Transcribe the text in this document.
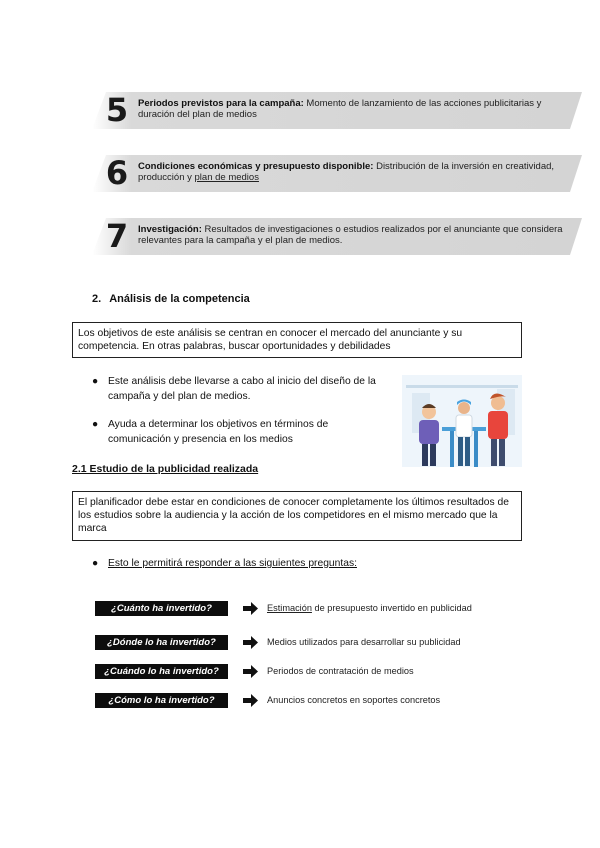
5	Periodos previstos para la campaña: Momento de lanzamiento de las acciones publicitarias y duración del plan de medios
6	Condiciones económicas y presupuesto disponible: Distribución de la inversión en creatividad, producción y plan de medios
7	Investigación: Resultados de investigaciones o estudios realizados por el anunciante que considera relevantes para la campaña y el plan de medios.
2. Análisis de la competencia
Los objetivos de este análisis se centran en conocer el mercado del anunciante y su competencia. En otras palabras, buscar oportunidades y debilidades
● Este análisis debe llevarse a cabo al inicio del diseño de la campaña y del plan de medios.
● Ayuda a determinar los objetivos en términos de comunicación y presencia en los medios
2.1 Estudio de la publicidad realizada
El planificador debe estar en condiciones de conocer completamente los últimos resultados de los estudios sobre la audiencia y la acción de los competidores en el mismo mercado que la marca
● Esto le permitirá responder a las siguientes preguntas:
¿Cuánto ha invertido?	Estimación de presupuesto invertido en publicidad
¿Dónde lo ha invertido?	Medios utilizados para desarrollar su publicidad
¿Cuándo lo ha invertido?	Periodos de contratación de medios
¿Cómo lo ha invertido?	Anuncios concretos en soportes concretos
